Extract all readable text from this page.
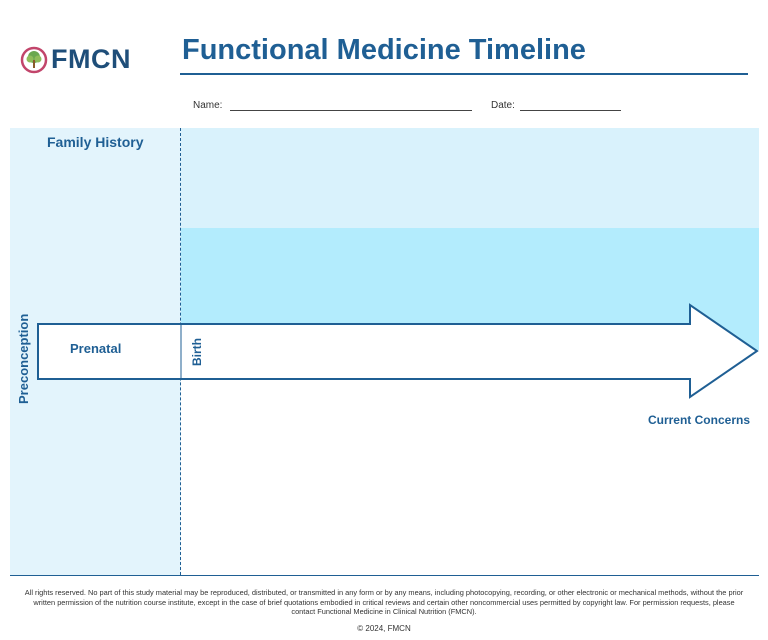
FMCN Functional Medicine Timeline
Name:	Date:
Family History
Prenatal	Birth
Preconception
Current Concerns
All rights reserved. No part of this study material may be reproduced, distributed, or transmitted in any form or by any means, including photocopying, recording, or other electronic or mechanical methods, without the prior written permission of the nutrition course institute, except in the case of brief quotations embodied in critical reviews and certain other noncommercial uses permitted by copyright law. For permission requests, please contact Functional Medicine in Clinical Nutrition (FMCN).
© 2024, FMCN
